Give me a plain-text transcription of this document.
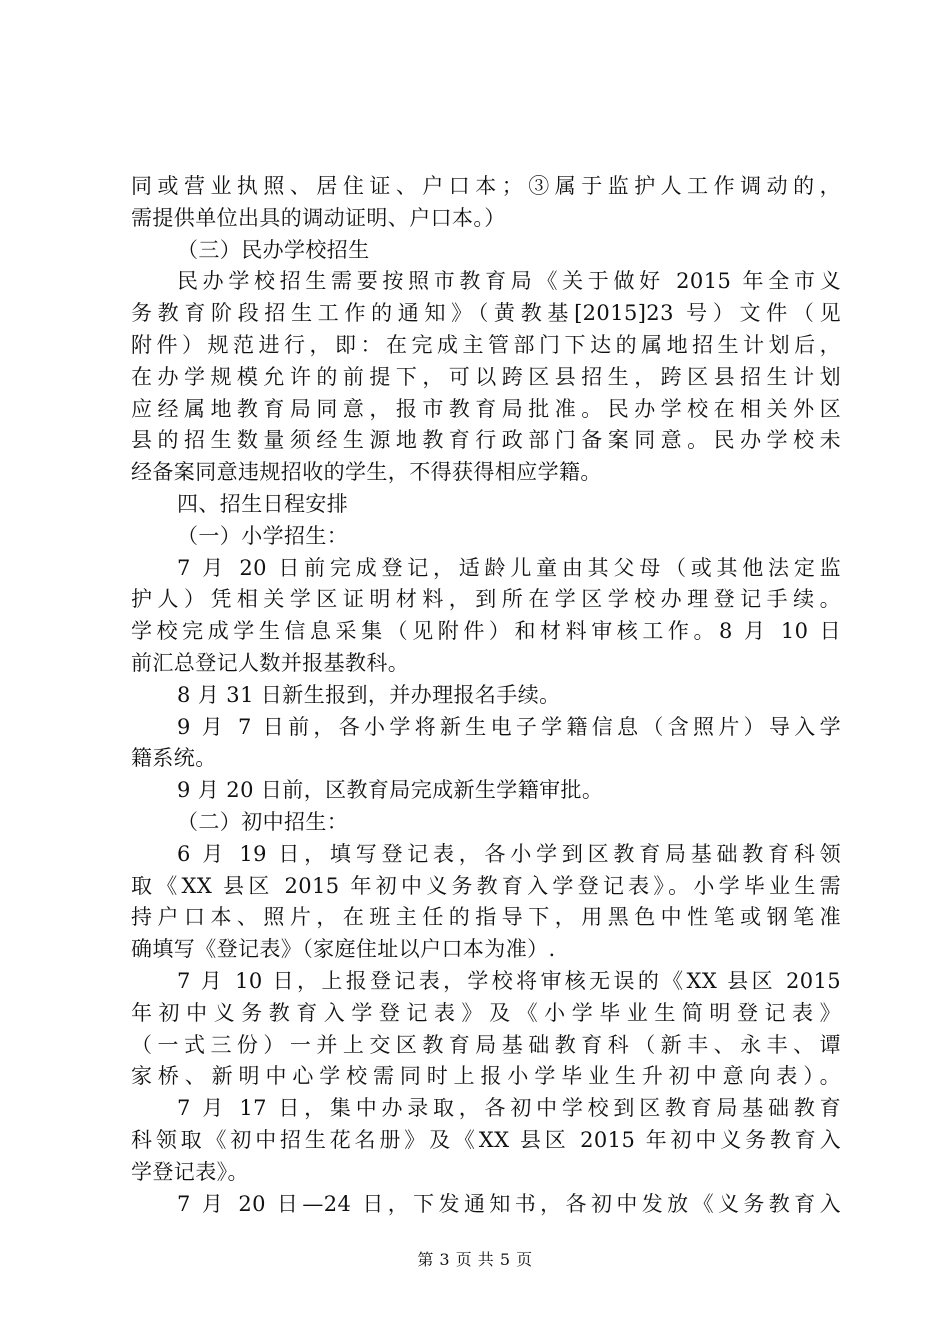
同或营业执照、居住证、户口本；③属于监护人工作调动的，
需提供单位出具的调动证明、户口本。）
（三）民办学校招生
民办学校招生需要按照市教育局《关于做好 2015 年全市义
务教育阶段招生工作的通知》（黄教基[2015]23 号）文件（见
附件）规范进行，即：在完成主管部门下达的属地招生计划后，
在办学规模允许的前提下，可以跨区县招生，跨区县招生计划
应经属地教育局同意，报市教育局批准。民办学校在相关外区
县的招生数量须经生源地教育行政部门备案同意。民办学校未
经备案同意违规招收的学生，不得获得相应学籍。
四、招生日程安排
（一）小学招生：
7 月 20 日前完成登记，适龄儿童由其父母（或其他法定监
护人）凭相关学区证明材料，到所在学区学校办理登记手续。
学校完成学生信息采集（见附件）和材料审核工作。8 月 10 日
前汇总登记人数并报基教科。
8 月 31 日新生报到，并办理报名手续。
9 月 7 日前，各小学将新生电子学籍信息（含照片）导入学
籍系统。
9 月 20 日前，区教育局完成新生学籍审批。
（二）初中招生：
6 月 19 日，填写登记表，各小学到区教育局基础教育科领
取《XX 县区 2015 年初中义务教育入学登记表》。小学毕业生需
持户口本、照片，在班主任的指导下，用黑色中性笔或钢笔准
确填写《登记表》（家庭住址以户口本为准）.
7 月 10 日，上报登记表，学校将审核无误的《XX 县区 2015
年初中义务教育入学登记表》及《小学毕业生简明登记表》
（一式三份）一并上交区教育局基础教育科（新丰、永丰、谭
家桥、新明中心学校需同时上报小学毕业生升初中意向表）。
7 月 17 日，集中办录取，各初中学校到区教育局基础教育
科领取《初中招生花名册》及《XX 县区 2015 年初中义务教育入
学登记表》。
7 月 20 日—24 日，下发通知书，各初中发放《义务教育入
第 3 页 共 5 页
